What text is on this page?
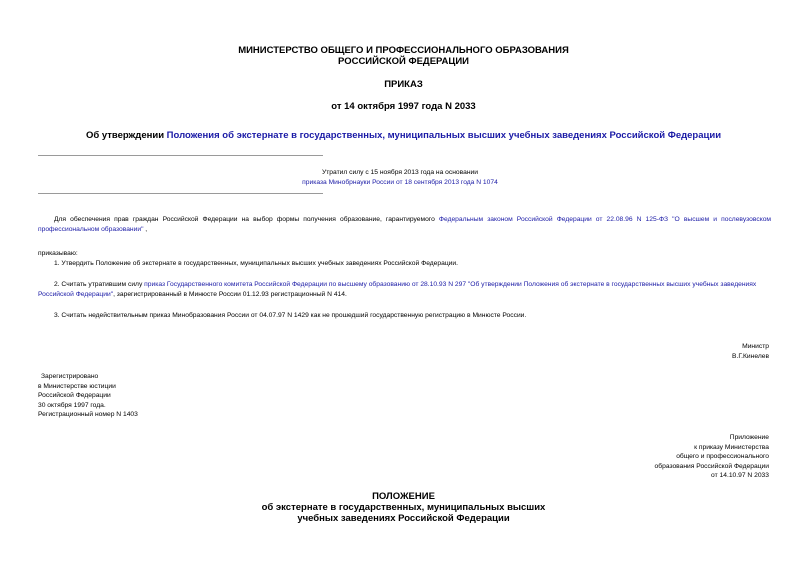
МИНИСТЕРСТВО ОБЩЕГО И ПРОФЕССИОНАЛЬНОГО ОБРАЗОВАНИЯ
РОССИЙСКОЙ ФЕДЕРАЦИИ
ПРИКАЗ
от 14 октября 1997 года N 2033
Об утверждении Положения об экстернате в государственных, муниципальных высших учебных заведениях Российской Федерации
Утратил силу с 15 ноября 2013 года на основании
приказа Минобрнауки России от 18 сентября 2013 года N 1074
Для обеспечения прав граждан Российской Федерации на выбор формы получения образование, гарантируемого Федеральным законом Российской Федерации от 22.08.96 N 125-ФЗ "О высшем и послевузовском профессиональном образовании" ,
приказываю:
1. Утвердить Положение об экстернате в государственных, муниципальных высших учебных заведениях Российской Федерации.
2. Считать утратившим силу приказ Государственного комитета Российской Федерации по высшему образованию от 28.10.93 N 297 "Об утверждении Положения об экстернате в государственных высших учебных заведениях Российской Федерации", зарегистрированный в Минюсте России 01.12.93 регистрационный N 414.
3. Считать недействительным приказ Минобразования России от 04.07.97 N 1429 как не прошедший государственную регистрацию в Минюсте России.
Министр
В.Г.Кинелев
Зарегистрировано
в Министерстве юстиции
Российской Федерации
30 октября 1997 года.
Регистрационный номер N 1403
Приложение
к приказу Министерства
общего и профессионального
образования Российской Федерации
от 14.10.97 N 2033
ПОЛОЖЕНИЕ
об экстернате в государственных, муниципальных высших
учебных заведениях Российской Федерации
